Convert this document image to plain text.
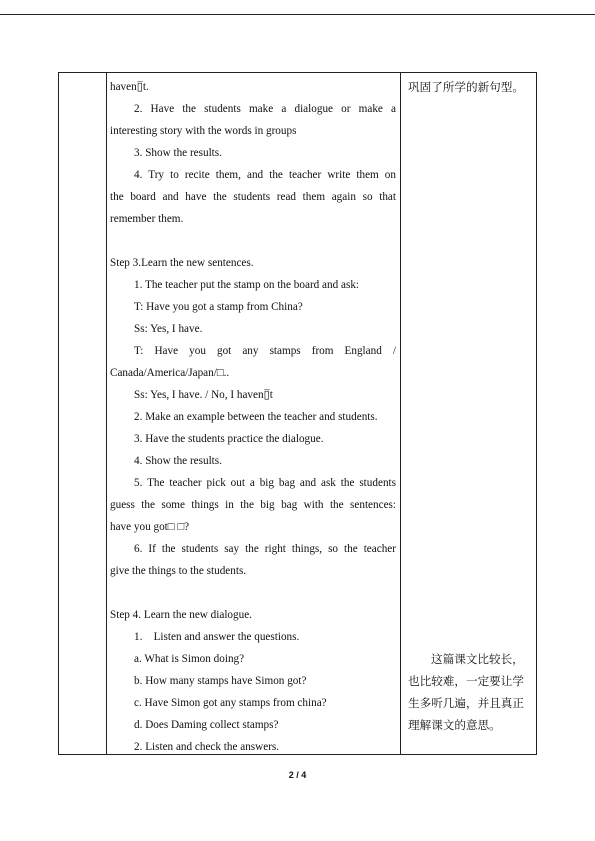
haven▯̅t.
2. Have the students make a dialogue or make a
interesting story with the words in groups
3. Show the results.
4. Try to recite them, and the teacher write them on
the board and have the students read them again so that
remember them.
Step 3.Learn the new sentences.
1. The teacher put the stamp on the board and ask:
T: Have you got a stamp from China?
Ss: Yes, I have.
T: Have you got any stamps from England /
Canada/America/Japan/□..
Ss: Yes, I have. / No, I haven▯̅t
2. Make an example between the teacher and students.
3. Have the students practice the dialogue.
4. Show the results.
5. The teacher pick out a big bag and ask the students
guess the some things in the big bag with the sentences:
have you got□ □?
6. If the students say the right things, so the teacher
give the things to the students.
Step 4. Learn the new dialogue.
1.    Listen and answer the questions.
a. What is Simon doing?
b. How many stamps have Simon got?
c. Have Simon got any stamps from china?
d. Does Daming collect stamps?
2. Listen and check the answers.
巩固了所学的新句型。
这篇课文比较长，
也比较难，一定要让学
生多听几遍，并且真正
理解课文的意思。
2 / 4
